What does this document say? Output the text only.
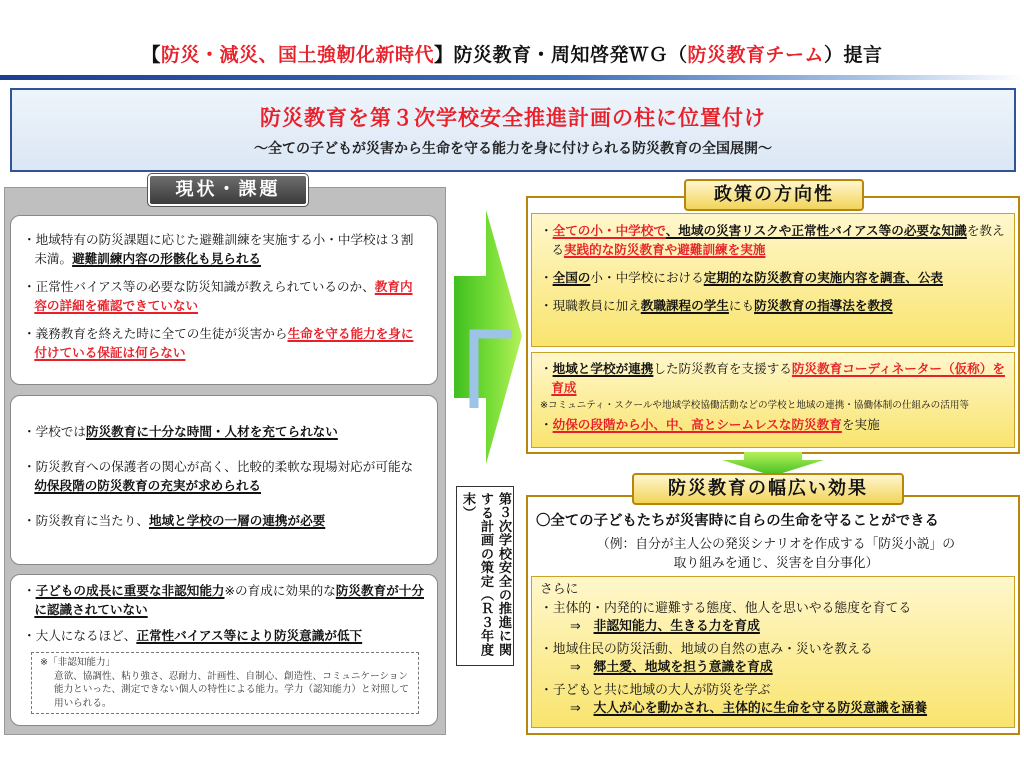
【防災・減災、国土強靭化新時代】防災教育・周知啓発ＷＧ（防災教育チーム）提言
防災教育を第３次学校安全推進計画の柱に位置付け
～全ての子どもが災害から生命を守る能力を身に付けられる防災教育の全国展開～
現状・課題

・地域特有の防災課題に応じた避難訓練を実施する小・中学校は３割未満。避難訓練内容の形骸化も見られる

・正常性バイアス等の必要な防災知識が教えられているのか、教育内容の詳細を確認できていない

・義務教育を終えた時に全ての生徒が災害から生命を守る能力を身に付けている保証は何らない

・学校では防災教育に十分な時間・人材を充てられない

・防災教育への保護者の関心が高く、比較的柔軟な現場対応が可能な幼保段階の防災教育の充実が求められる

・防災教育に当たり、地域と学校の一層の連携が必要

・子どもの成長に重要な非認知能力※の育成に効果的な防災教育が十分に認識されていない

・大人になるほど、正常性バイアス等により防災意識が低下

※「非認知能力」
意欲、協調性、粘り強さ、忍耐力、計画性、自制心、創造性、コミュニケーション能力といった、測定できない個人の特性による能力。学力（認知能力）と対照して用いられる。
第３次学校安全の推進に関する計画の策定（Ｒ３年度末）
政策の方向性

・全ての小・中学校で、地域の災害リスクや正常性バイアス等の必要な知識を教える実践的な防災教育や避難訓練を実施

・全国の小・中学校における定期的な防災教育の実施内容を調査、公表

・現職教員に加え教職課程の学生にも防災教育の指導法を教授

・地域と学校が連携した防災教育を支援する防災教育コーディネーター（仮称）を育成

※コミュニティ・スクールや地域学校協働活動などの学校と地域の連携・協働体制の仕組みの活用等

・幼保の段階から小、中、高とシームレスな防災教育を実施

防災教育の幅広い効果
〇全ての子どもたちが災害時に自らの生命を守ることができる
（例：自分が主人公の発災シナリオを作成する「防災小説」の
取り組みを通じ、災害を自分事化）
さらに
・主体的・内発的に避難する態度、他人を思いやる態度を育てる
⇒　 非認知能力、生きる力を育成
・地域住民の防災活動、地域の自然の恵み・災いを教える
⇒　 郷土愛、地域を担う意識を育成
・子どもと共に地域の大人が防災を学ぶ
⇒　 大人が心を動かされ、主体的に生命を守る防災意識を涵養
